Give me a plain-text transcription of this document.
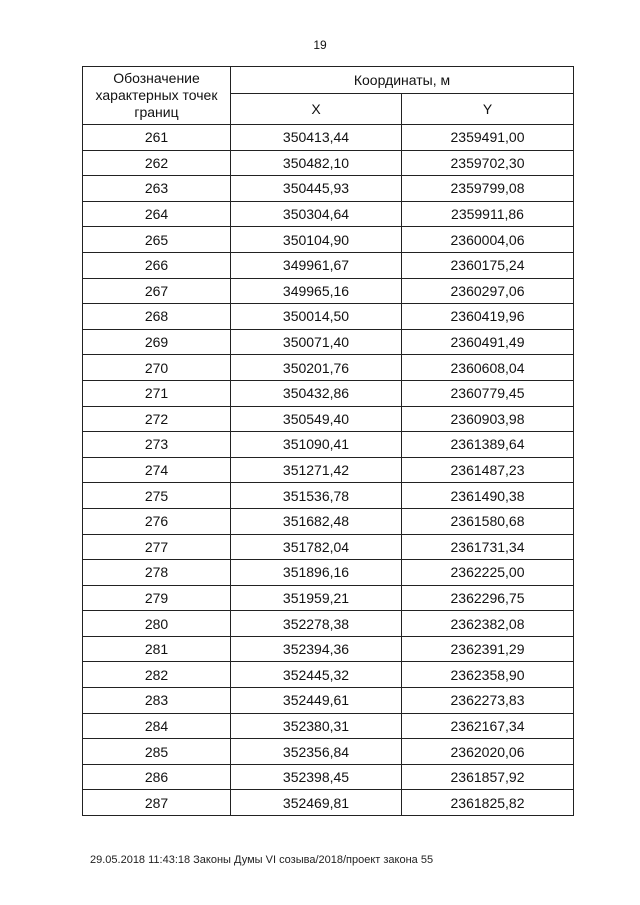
19
Обозначение характерных точек границ	Координаты, м	
	X	Y
261	350413,44	2359491,00
262	350482,10	2359702,30
263	350445,93	2359799,08
264	350304,64	2359911,86
265	350104,90	2360004,06
266	349961,67	2360175,24
267	349965,16	2360297,06
268	350014,50	2360419,96
269	350071,40	2360491,49
270	350201,76	2360608,04
271	350432,86	2360779,45
272	350549,40	2360903,98
273	351090,41	2361389,64
274	351271,42	2361487,23
275	351536,78	2361490,38
276	351682,48	2361580,68
277	351782,04	2361731,34
278	351896,16	2362225,00
279	351959,21	2362296,75
280	352278,38	2362382,08
281	352394,36	2362391,29
282	352445,32	2362358,90
283	352449,61	2362273,83
284	352380,31	2362167,34
285	352356,84	2362020,06
286	352398,45	2361857,92
287	352469,81	2361825,82
29.05.2018 11:43:18 Законы Думы VI созыва/2018/проект закона 55
